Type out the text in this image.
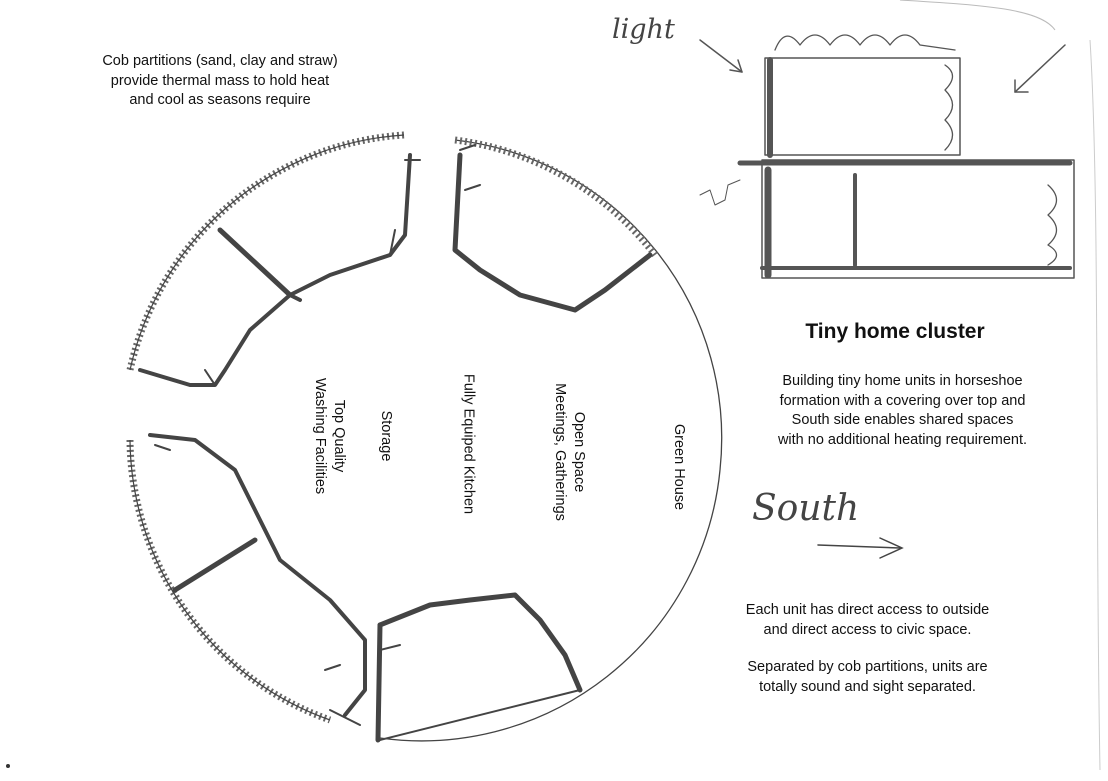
Cob partitions (sand, clay and straw)
provide thermal mass to hold heat
and cool as seasons require
light
Tiny home cluster
Building tiny home units in horseshoe
formation with a covering over top and
South side enables shared spaces
with no additional heating requirement.
South
Each unit has direct access to outside
and direct access to civic space.
Separated by cob partitions, units are
totally sound and sight separated.
Top Quality
Washing Facilities	Storage	Fully Equiped Kitchen	Open Space
Meetings, Gatherings	Green House
